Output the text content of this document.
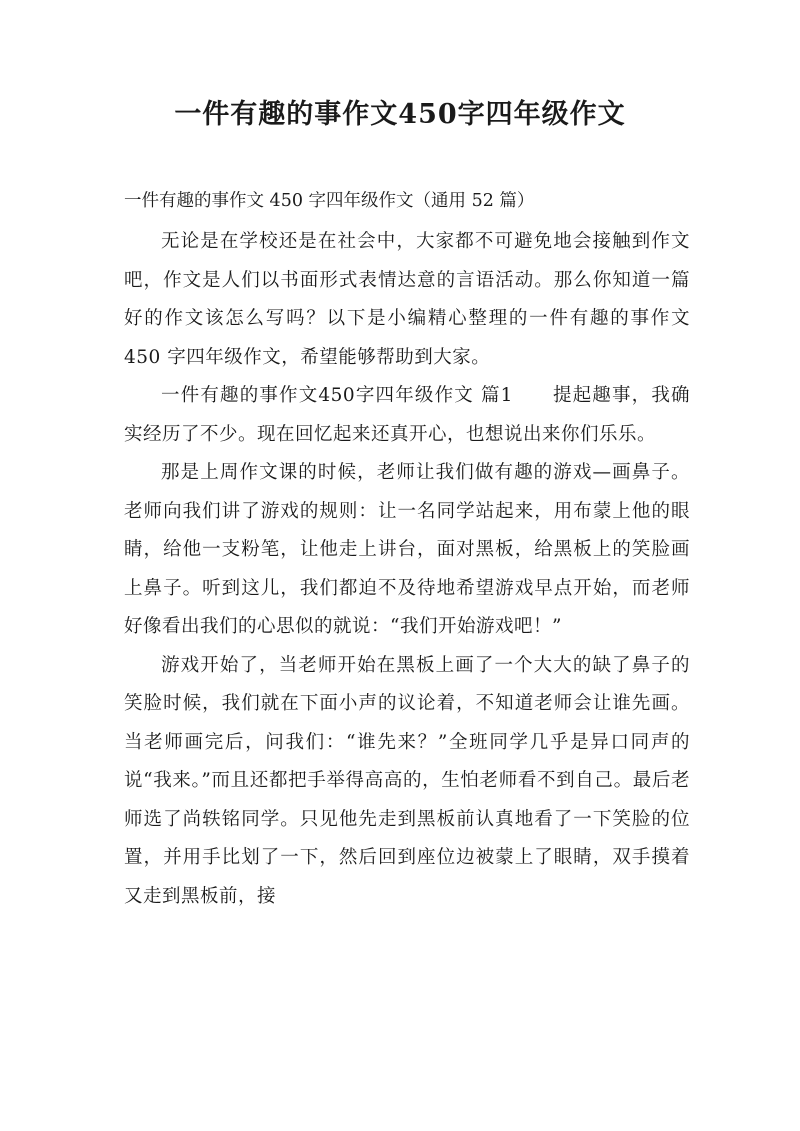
一件有趣的事作文450字四年级作文
一件有趣的事作文 450 字四年级作文（通用 52 篇）

无论是在学校还是在社会中，大家都不可避免地会接触到作文吧，作文是人们以书面形式表情达意的言语活动。那么你知道一篇好的作文该怎么写吗？以下是小编精心整理的一件有趣的事作文 450 字四年级作文，希望能够帮助到大家。

一件有趣的事作文450字四年级作文 篇1　　提起趣事，我确实经历了不少。现在回忆起来还真开心，也想说出来你们乐乐。

那是上周作文课的时候，老师让我们做有趣的游戏—画鼻子。老师向我们讲了游戏的规则：让一名同学站起来，用布蒙上他的眼睛，给他一支粉笔，让他走上讲台，面对黑板，给黑板上的笑脸画上鼻子。听到这儿，我们都迫不及待地希望游戏早点开始，而老师好像看出我们的心思似的就说：“我们开始游戏吧！”

游戏开始了，当老师开始在黑板上画了一个大大的缺了鼻子的笑脸时候，我们就在下面小声的议论着，不知道老师会让谁先画。当老师画完后，问我们：“谁先来？”全班同学几乎是异口同声的说“我来。”而且还都把手举得高高的，生怕老师看不到自己。最后老师选了尚轶铭同学。只见他先走到黑板前认真地看了一下笑脸的位置，并用手比划了一下，然后回到座位边被蒙上了眼睛，双手摸着又走到黑板前，接
